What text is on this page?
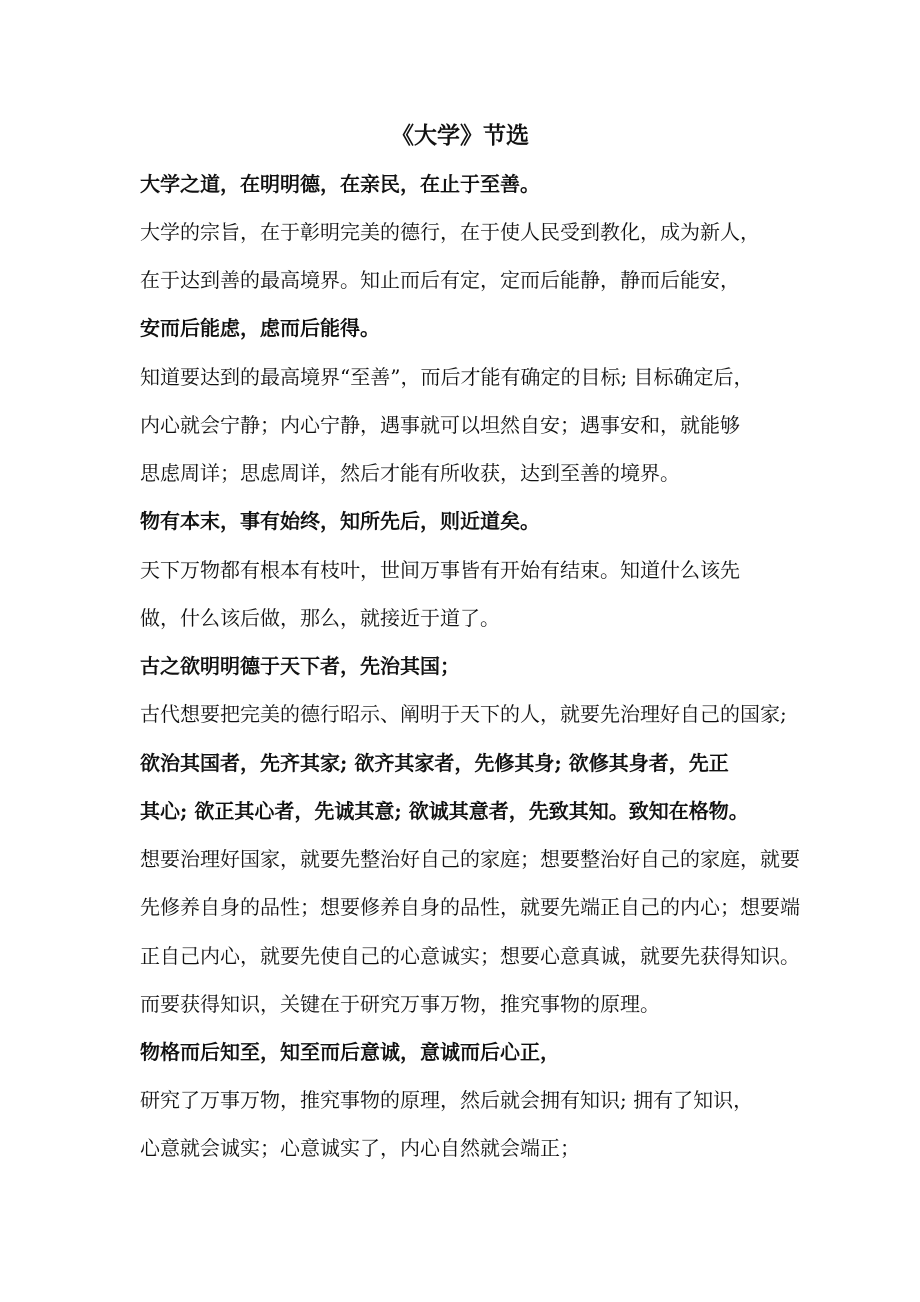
《大学》节选
大学之道，在明明德，在亲民，在止于至善。
大学的宗旨，在于彰明完美的德行，在于使人民受到教化，成为新人，
在于达到善的最高境界。知止而后有定，定而后能静，静而后能安，
安而后能虑，虑而后能得。
知道要达到的最高境界“至善”，而后才能有确定的目标; 目标确定后，
内心就会宁静；内心宁静，遇事就可以坦然自安；遇事安和，就能够
思虑周详；思虑周详，然后才能有所收获，达到至善的境界。
物有本末，事有始终，知所先后，则近道矣。
天下万物都有根本有枝叶，世间万事皆有开始有结束。知道什么该先
做，什么该后做，那么，就接近于道了。
古之欲明明德于天下者，先治其国；
古代想要把完美的德行昭示、阐明于天下的人，就要先治理好自己的国家;
欲治其国者，先齐其家; 欲齐其家者，先修其身; 欲修其身者，先正
其心; 欲正其心者，先诚其意; 欲诚其意者，先致其知。致知在格物。
想要治理好国家，就要先整治好自己的家庭；想要整治好自己的家庭，就要
先修养自身的品性；想要修养自身的品性，就要先端正自己的内心；想要端
正自己内心，就要先使自己的心意诚实；想要心意真诚，就要先获得知识。
而要获得知识，关键在于研究万事万物，推究事物的原理。
物格而后知至，知至而后意诚，意诚而后心正，
研究了万事万物，推究事物的原理，然后就会拥有知识; 拥有了知识，
心意就会诚实；心意诚实了，内心自然就会端正；
